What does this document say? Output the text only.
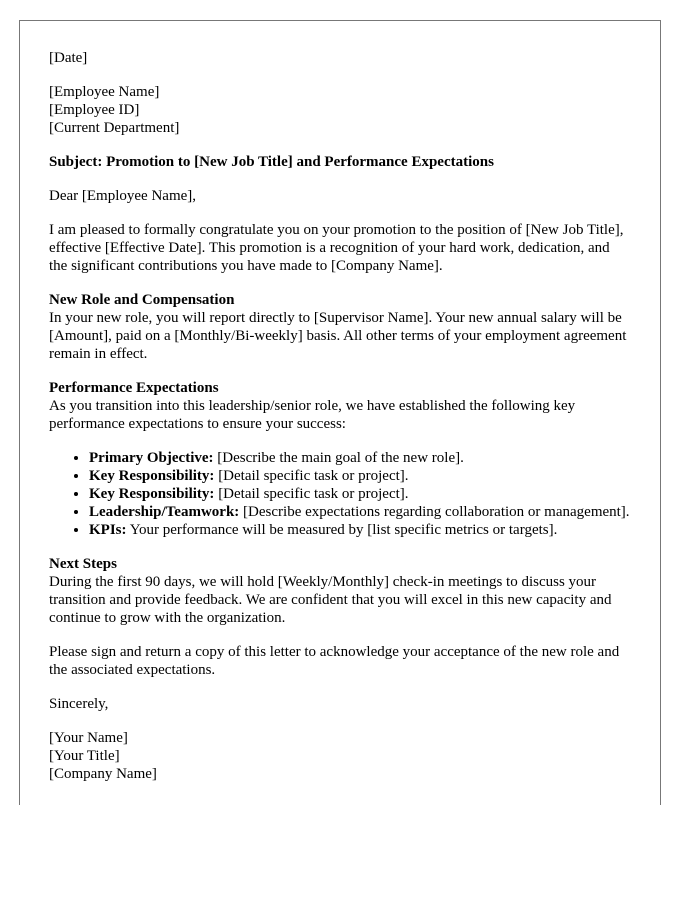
[Date]

[Employee Name]

[Employee ID]

[Current Department]

Subject: Promotion to [New Job Title] and Performance Expectations

Dear [Employee Name],

I am pleased to formally congratulate you on your promotion to the position of [New Job Title], effective [Effective Date]. This promotion is a recognition of your hard work, dedication, and the significant contributions you have made to [Company Name].

New Role and Compensation

In your new role, you will report directly to [Supervisor Name]. Your new annual salary will be [Amount], paid on a [Monthly/Bi-weekly] basis. All other terms of your employment agreement remain in effect.

Performance Expectations

As you transition into this leadership/senior role, we have established the following key performance expectations to ensure your success:

• Primary Objective: [Describe the main goal of the new role].
• Key Responsibility: [Detail specific task or project].
• Key Responsibility: [Detail specific task or project].
• Leadership/Teamwork: [Describe expectations regarding collaboration or management].
• KPIs: Your performance will be measured by [list specific metrics or targets].

Next Steps

During the first 90 days, we will hold [Weekly/Monthly] check-in meetings to discuss your transition and provide feedback. We are confident that you will excel in this new capacity and continue to grow with the organization.

Please sign and return a copy of this letter to acknowledge your acceptance of the new role and the associated expectations.

Sincerely,

[Your Name]

[Your Title]

[Company Name]
